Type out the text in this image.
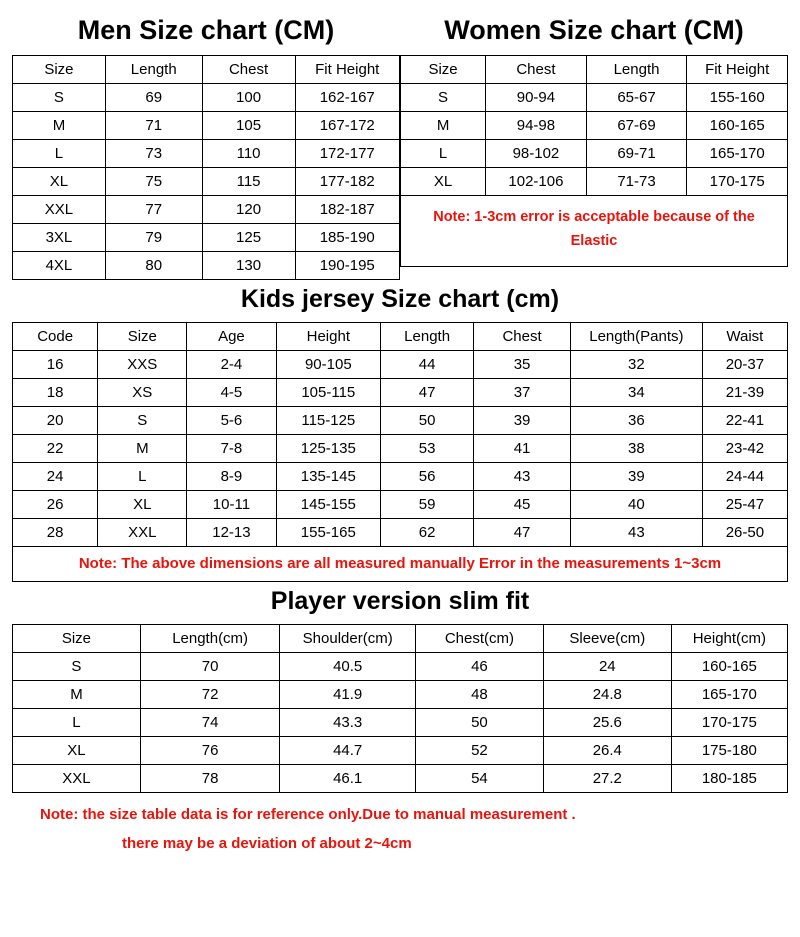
Men Size chart (CM)
Size	Length	Chest	Fit Height
S	69	100	162-167
M	71	105	167-172
L	73	110	172-177
XL	75	115	177-182
XXL	77	120	182-187
3XL	79	125	185-190
4XL	80	130	190-195
Women Size chart (CM)
Size	Chest	Length	Fit Height
S	90-94	65-67	155-160
M	94-98	67-69	160-165
L	98-102	69-71	165-170
XL	102-106	71-73	170-175
Note: 1-3cm error is acceptable because of the Elastic
Kids jersey Size chart (cm)
Code	Size	Age	Height	Length	Chest	Length(Pants)	Waist
16	XXS	2-4	90-105	44	35	32	20-37
18	XS	4-5	105-115	47	37	34	21-39
20	S	5-6	115-125	50	39	36	22-41
22	M	7-8	125-135	53	41	38	23-42
24	L	8-9	135-145	56	43	39	24-44
26	XL	10-11	145-155	59	45	40	25-47
28	XXL	12-13	155-165	62	47	43	26-50
Note: The above dimensions are all measured manually Error in the measurements 1~3cm
Player version slim fit
Size	Length(cm)	Shoulder(cm)	Chest(cm)	Sleeve(cm)	Height(cm)
S	70	40.5	46	24	160-165
M	72	41.9	48	24.8	165-170
L	74	43.3	50	25.6	170-175
XL	76	44.7	52	26.4	175-180
XXL	78	46.1	54	27.2	180-185
Note: the size table data is for reference only.Due to manual measurement .
there may be a deviation of about 2~4cm
